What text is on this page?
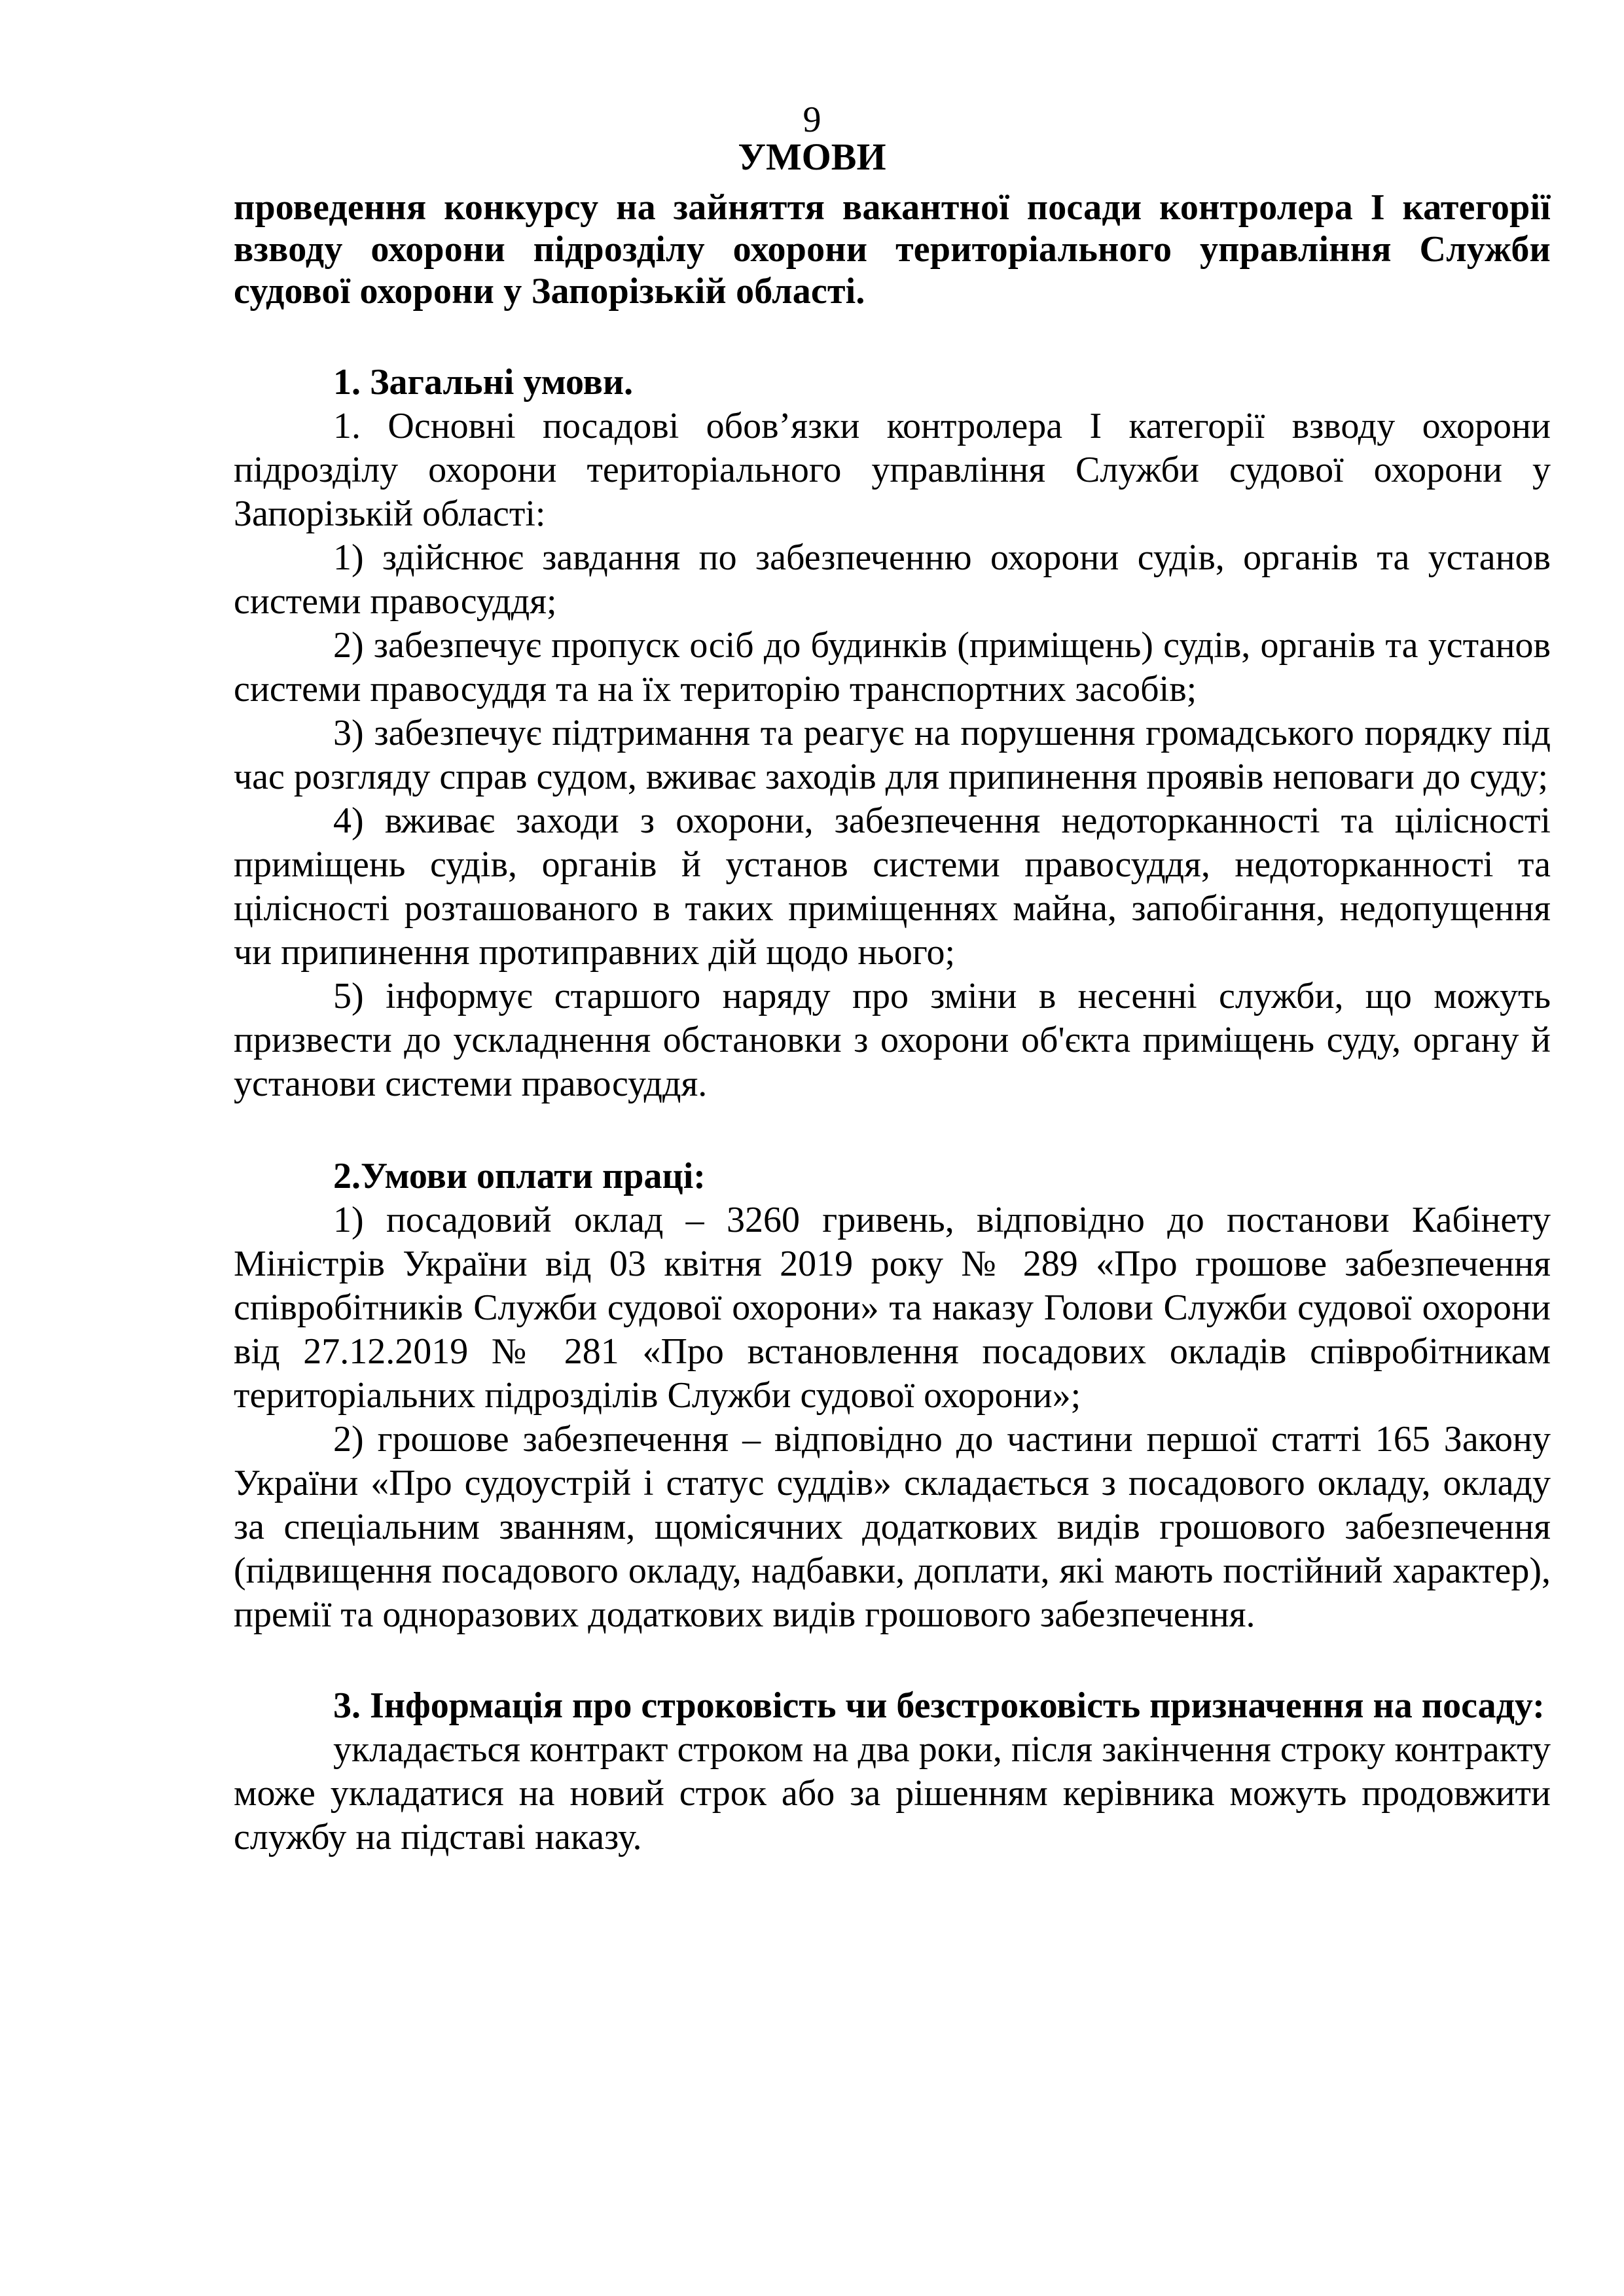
9
УМОВИ

проведення конкурсу на зайняття вакантної посади контролера І категорії взводу охорони підрозділу охорони територіального управління Служби судової охорони у Запорізькій області.

1. Загальні умови.

1. Основні посадові обов’язки контролера І категорії взводу охорони підрозділу охорони територіального управління Служби судової охорони у Запорізькій області:

1) здійснює завдання по забезпеченню охорони судів, органів та установ системи правосуддя;

2) забезпечує пропуск осіб до будинків (приміщень) судів, органів та установ системи правосуддя та на їх територію транспортних засобів;

3) забезпечує підтримання та реагує на порушення громадського порядку під час розгляду справ судом, вживає заходів для припинення проявів неповаги до суду;

4) вживає заходи з охорони, забезпечення недоторканності та цілісності приміщень судів, органів й установ системи правосуддя, недоторканності та цілісності розташованого в таких приміщеннях майна, запобігання, недопущення чи припинення протиправних дій щодо нього;

5) інформує старшого наряду про зміни в несенні служби, що можуть призвести до ускладнення обстановки з охорони об'єкта приміщень суду, органу й установи системи правосуддя.

2.Умови оплати праці:

1) посадовий оклад – 3260 гривень, відповідно до постанови Кабінету Міністрів України від 03 квітня 2019 року № 289 «Про грошове забезпечення співробітників Служби судової охорони» та наказу Голови Служби судової охорони від 27.12.2019 № 281 «Про встановлення посадових окладів співробітникам територіальних підрозділів Служби судової охорони»;

2) грошове забезпечення – відповідно до частини першої статті 165 Закону України «Про судоустрій і статус суддів» складається з посадового окладу, окладу за спеціальним званням, щомісячних додаткових видів грошового забезпечення (підвищення посадового окладу, надбавки, доплати, які мають постійний характер), премії та одноразових додаткових видів грошового забезпечення.

3. Інформація про строковість чи безстроковість призначення на посаду:

укладається контракт строком на два роки, після закінчення строку контракту може укладатися на новий строк або за рішенням керівника можуть продовжити службу на підставі наказу.
